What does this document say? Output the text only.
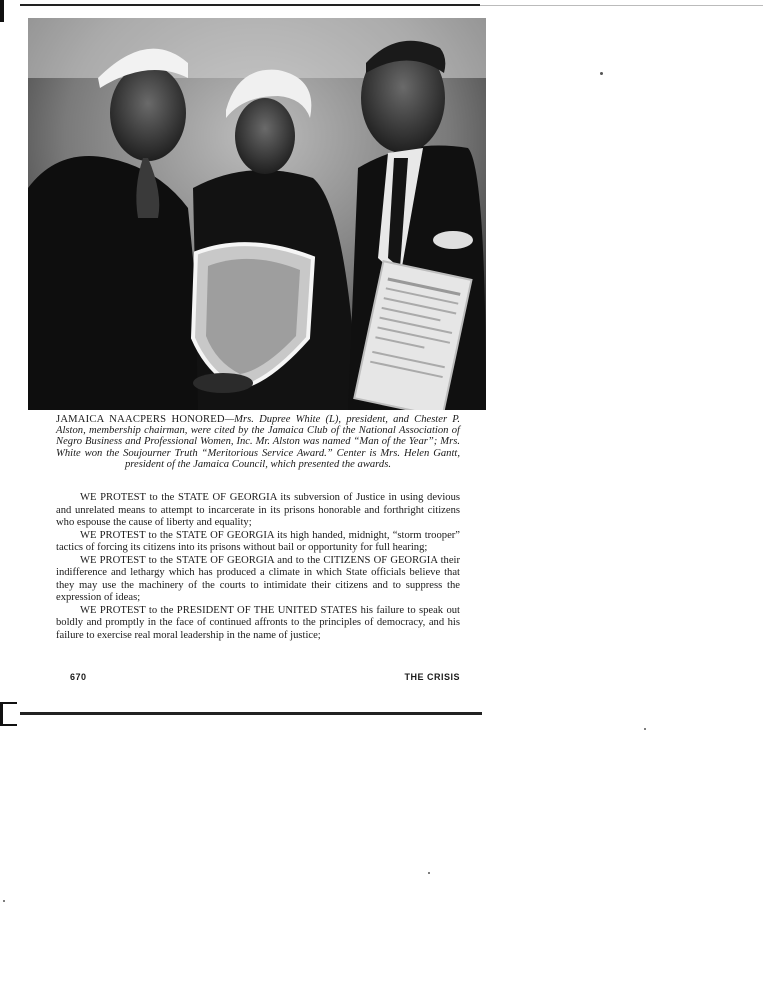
JAMAICA NAACPERS HONORED—Mrs. Dupree White (L), president, and Chester P. Alston, membership chairman, were cited by the Jamaica Club of the National Association of Negro Business and Professional Women, Inc. Mr. Alston was named “Man of the Year”; Mrs. White won the Soujourner Truth “Meritorious Service Award.” Center is Mrs. Helen Gantt, president of the Jamaica Council, which presented the awards.

WE PROTEST to the STATE OF GEORGIA its subversion of Justice in using devious and unrelated means to attempt to incarcerate in its prisons honorable and forthright citizens who espouse the cause of liberty and equality;

WE PROTEST to the STATE OF GEORGIA its high handed, midnight, “storm trooper” tactics of forcing its citizens into its prisons without bail or opportunity for full hearing;

WE PROTEST to the STATE OF GEORGIA and to the CITIZENS OF GEORGIA their indifference and lethargy which has produced a climate in which State officials believe that they may use the machinery of the courts to intimidate their citizens and to suppress the expression of ideas;

WE PROTEST to the PRESIDENT OF THE UNITED STATES his failure to speak out boldly and promptly in the face of continued affronts to the principles of democracy, and his failure to exercise real moral leadership in the name of justice;

670	THE CRISIS
